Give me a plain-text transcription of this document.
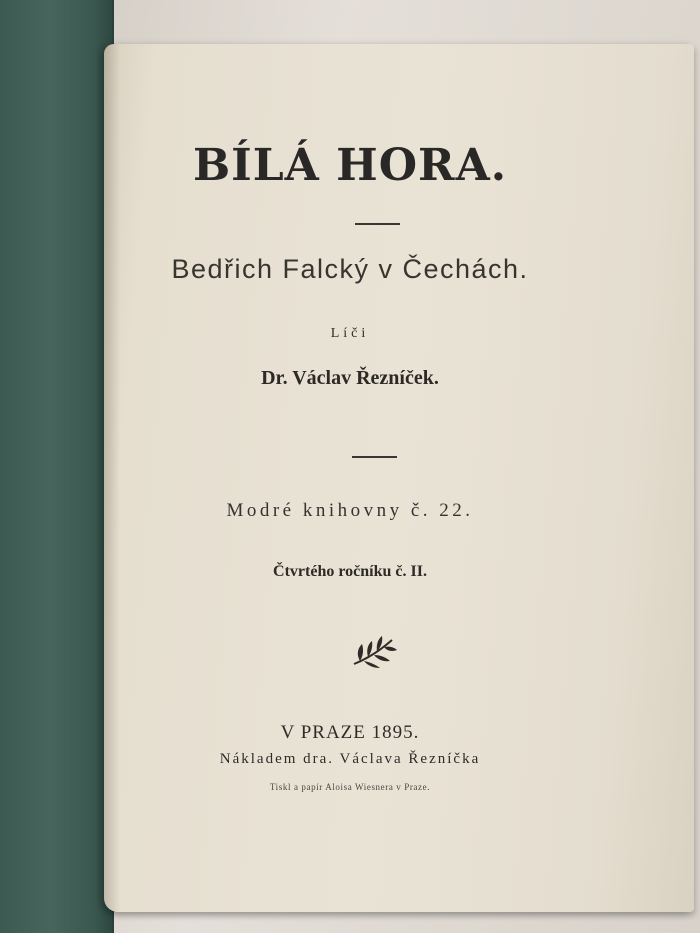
BÍLÁ HORA.
Bedřich Falcký v Čechách.
Líči
Dr. Václav Řezníček.
Modré knihovny č. 22.
Čtvrtého ročníku č. II.
V PRAZE 1895.
Nákladem dra. Václava Řezníčka
Tiskl a papír Aloisa Wiesnera v Praze.
